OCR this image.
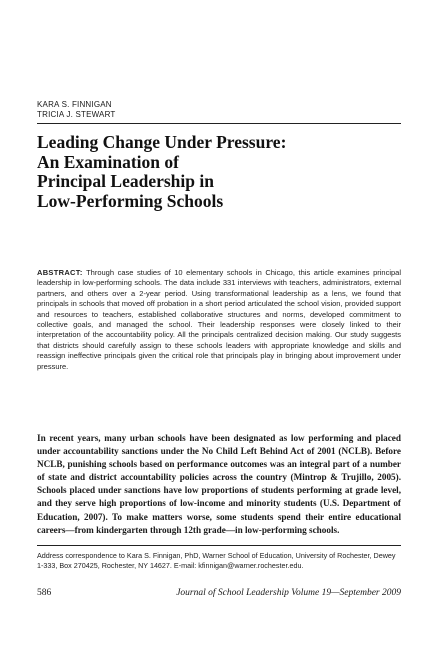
KARA S. FINNIGAN
TRICIA J. STEWART
Leading Change Under Pressure:
An Examination of
Principal Leadership in
Low-Performing Schools

ABSTRACT: Through case studies of 10 elementary schools in Chicago, this article examines principal leadership in low-performing schools. The data include 331 interviews with teachers, administrators, external partners, and others over a 2-year period. Using transformational leadership as a lens, we found that principals in schools that moved off probation in a short period articulated the school vision, provided support and resources to teachers, established collaborative structures and norms, developed commitment to collective goals, and managed the school. Their leadership responses were closely linked to their interpretation of the accountability policy. All the principals centralized decision making. Our study suggests that districts should carefully assign to these schools leaders with appropriate knowledge and skills and reassign ineffective principals given the critical role that principals play in bringing about improvement under pressure.

In recent years, many urban schools have been designated as low performing and placed under accountability sanctions under the No Child Left Behind Act of 2001 (NCLB). Before NCLB, punishing schools based on performance outcomes was an integral part of a number of state and district accountability policies across the country (Mintrop & Trujillo, 2005). Schools placed under sanctions have low proportions of students performing at grade level, and they serve high proportions of low-income and minority students (U.S. Department of Education, 2007). To make matters worse, some students spend their entire educational careers—from kindergarten through 12th grade—in low-performing schools.

Address correspondence to Kara S. Finnigan, PhD, Warner School of Education, University of Rochester, Dewey 1-333, Box 270425, Rochester, NY 14627. E-mail: kfinnigan@warner.rochester.edu.

586	Journal of School Leadership Volume 19—September 2009
